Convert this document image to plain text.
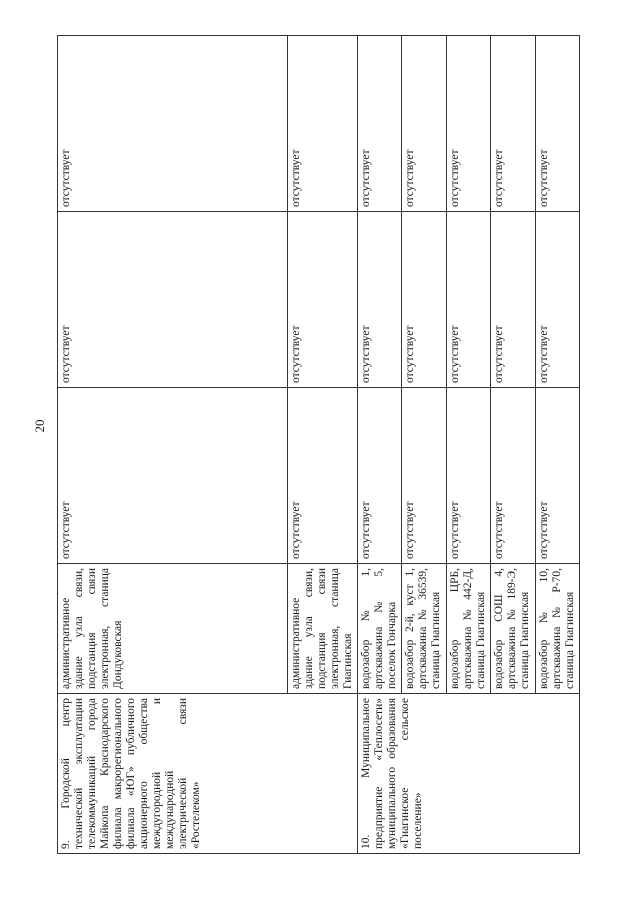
20
9. Городской центр технической эксплуатации телекоммуникаций города Майкопа Краснодарского филиала макрорегионального филиала «ЮГ» публичного акционерного общества междугородной и международной электрической связи «Ростелеком»	административное здание узла связи, подстанция связи электронная, станица Дондуковская	отсутствует	отсутствует	отсутствует
	административное здание узла связи, подстанция связи электронная, станица Гиагинская	отсутствует	отсутствует	отсутствует
10. Муниципальное предприятие «Теплосети» муниципального образования «Гиагинское сельское поселение»	водозабор № 1, артскважина № 5, поселок Гончарка	отсутствует	отсутствует	отсутствует
	водозабор 2-й, куст 1, артскважина № 36539, станица Гиагинская	отсутствует	отсутствует	отсутствует
	водозабор ЦРБ, артскважина № 442-Д, станица Гиагинская	отсутствует	отсутствует	отсутствует
	водозабор СОШ 4, артскважина № 189-Э, станица Гиагинская	отсутствует	отсутствует	отсутствует
	водозабор № 10, артскважина № Р-70, станица Гиагинская	отсутствует	отсутствует	отсутствует
